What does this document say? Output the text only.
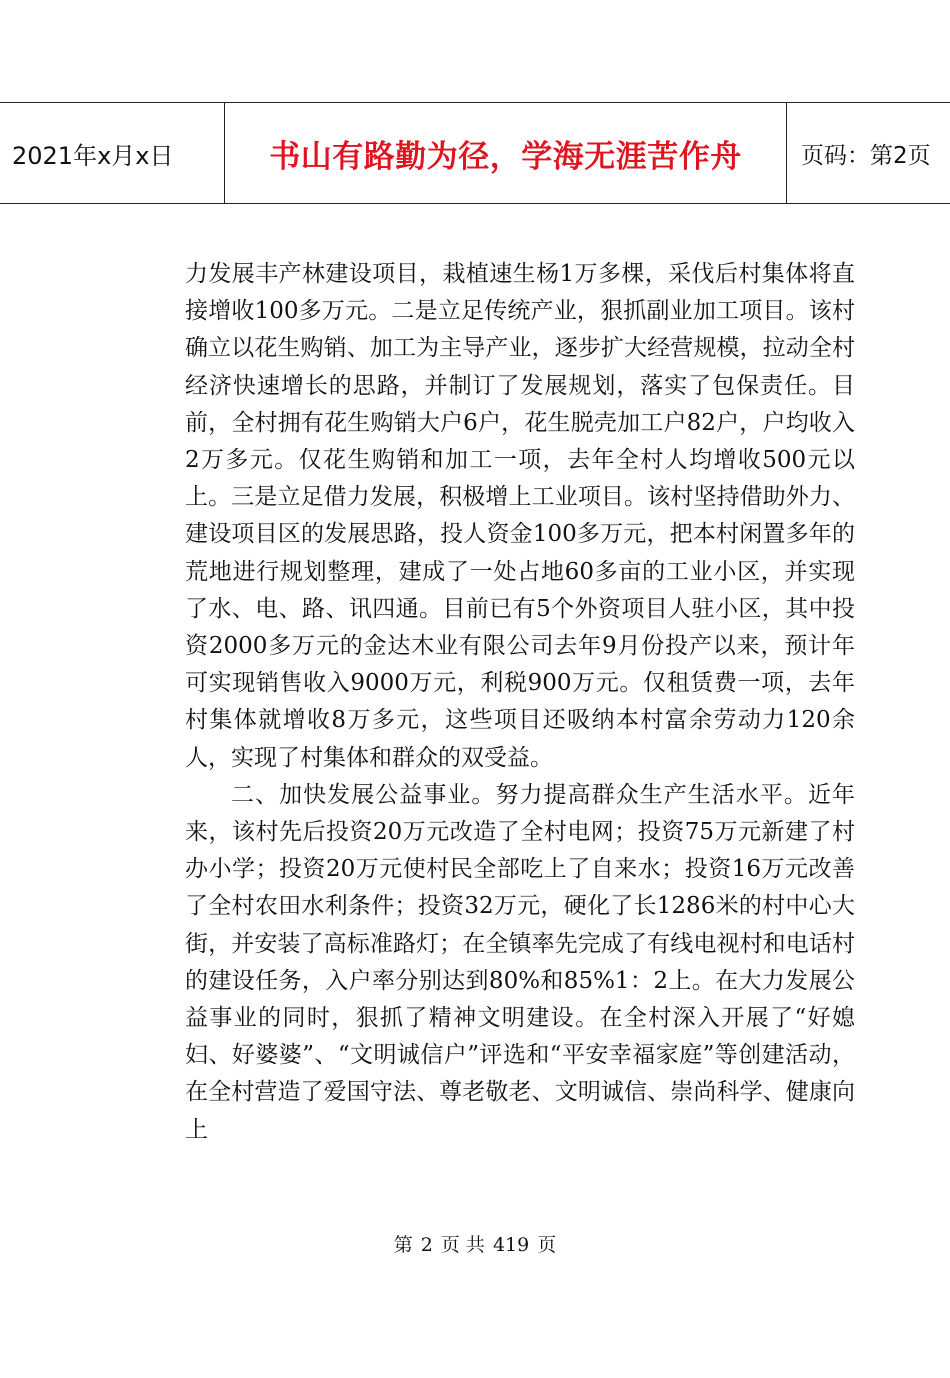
2021年x月x日	书山有路勤为径，学海无涯苦作舟	页码：第2页

力发展丰产林建设项目，栽植速生杨1万多棵，采伐后村集体将直接增收100多万元。二是立足传统产业，狠抓副业加工项目。该村确立以花生购销、加工为主导产业，逐步扩大经营规模，拉动全村经济快速增长的思路，并制订了发展规划，落实了包保责任。目前，全村拥有花生购销大户6户，花生脱壳加工户82户，户均收入2万多元。仅花生购销和加工一项，去年全村人均增收500元以上。三是立足借力发展，积极增上工业项目。该村坚持借助外力、建设项目区的发展思路，投人资金100多万元，把本村闲置多年的荒地进行规划整理，建成了一处占地60多亩的工业小区，并实现了水、电、路、讯四通。目前已有5个外资项目人驻小区，其中投资2000多万元的金达木业有限公司去年9月份投产以来，预计年可实现销售收入9000万元，利税900万元。仅租赁费一项，去年村集体就增收8万多元，这些项目还吸纳本村富余劳动力120余人，实现了村集体和群众的双受益。

二、加快发展公益事业。努力提高群众生产生活水平。近年来，该村先后投资20万元改造了全村电网；投资75万元新建了村办小学；投资20万元使村民全部吃上了自来水；投资16万元改善了全村农田水利条件；投资32万元，硬化了长1286米的村中心大街，并安装了高标准路灯；在全镇率先完成了有线电视村和电话村的建设任务，入户率分别达到80%和85%1：2上。在大力发展公益事业的同时，狠抓了精神文明建设。在全村深入开展了“好媳妇、好婆婆”、“文明诚信户”评选和“平安幸福家庭”等创建活动，在全村营造了爱国守法、尊老敬老、文明诚信、崇尚科学、健康向上

第 2 页 共 419 页
